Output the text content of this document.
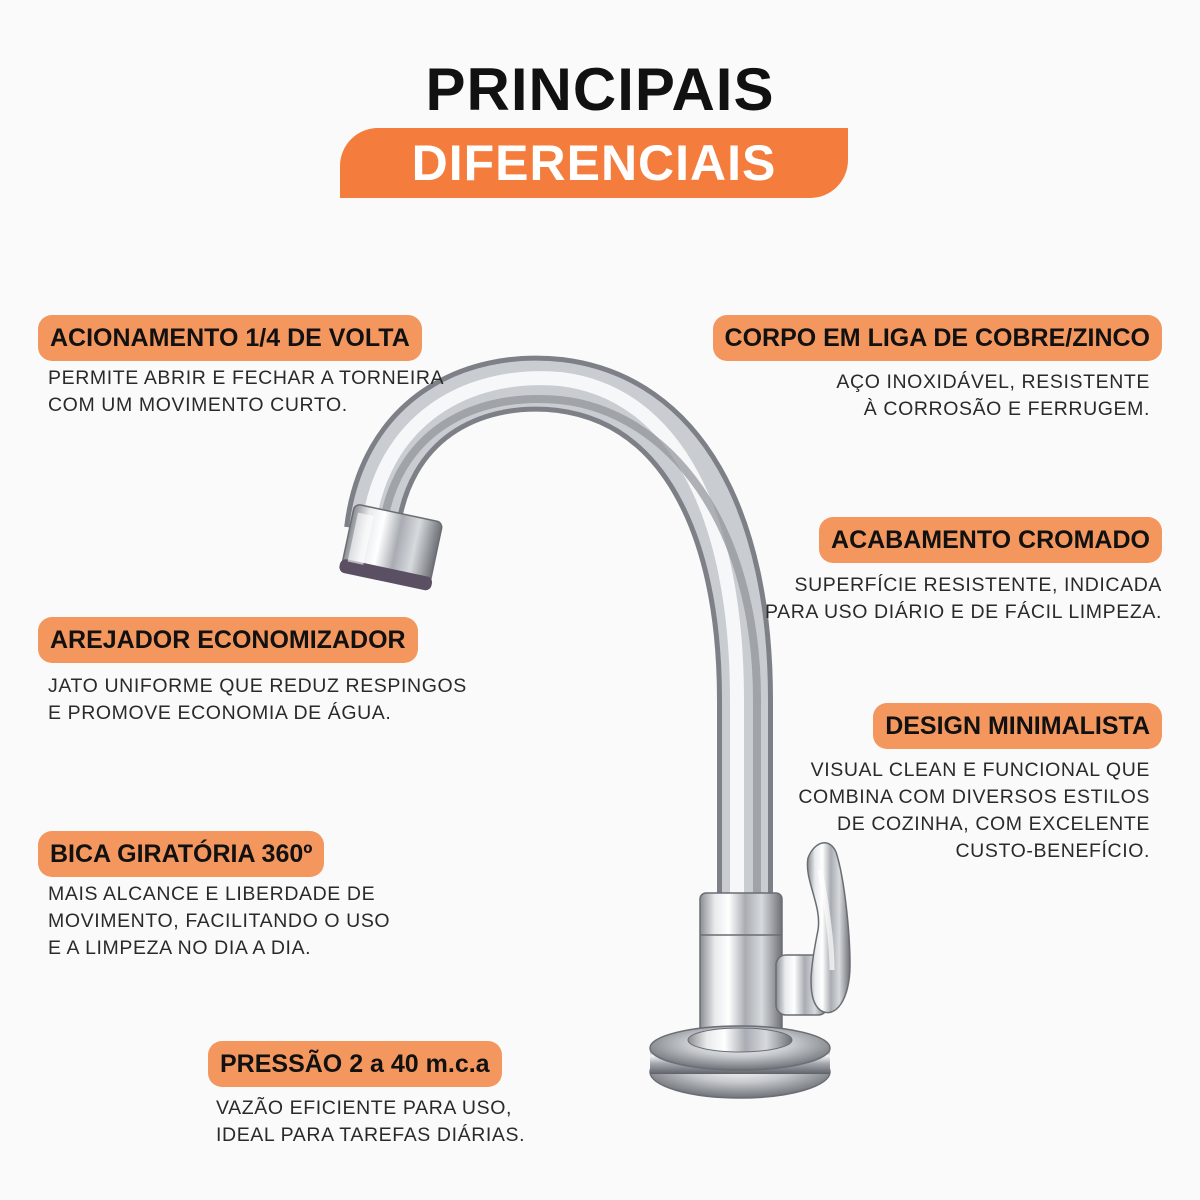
PRINCIPAIS
DIFERENCIAIS
ACIONAMENTO 1/4 DE VOLTA
PERMITE ABRIR E FECHAR A TORNEIRA
COM UM MOVIMENTO CURTO.
AREJADOR ECONOMIZADOR
JATO UNIFORME QUE REDUZ RESPINGOS
E PROMOVE ECONOMIA DE ÁGUA.
BICA GIRATÓRIA 360º
MAIS ALCANCE E LIBERDADE DE
MOVIMENTO, FACILITANDO O USO
E A LIMPEZA NO DIA A DIA.
PRESSÃO 2 a 40 m.c.a
VAZÃO EFICIENTE PARA USO,
IDEAL PARA TAREFAS DIÁRIAS.
CORPO EM LIGA DE COBRE/ZINCO
AÇO INOXIDÁVEL, RESISTENTE
À CORROSÃO E FERRUGEM.
ACABAMENTO CROMADO
SUPERFÍCIE RESISTENTE, INDICADA
PARA USO DIÁRIO E DE FÁCIL LIMPEZA.
DESIGN MINIMALISTA
VISUAL CLEAN E FUNCIONAL QUE
COMBINA COM DIVERSOS ESTILOS
DE COZINHA, COM EXCELENTE
CUSTO-BENEFÍCIO.
